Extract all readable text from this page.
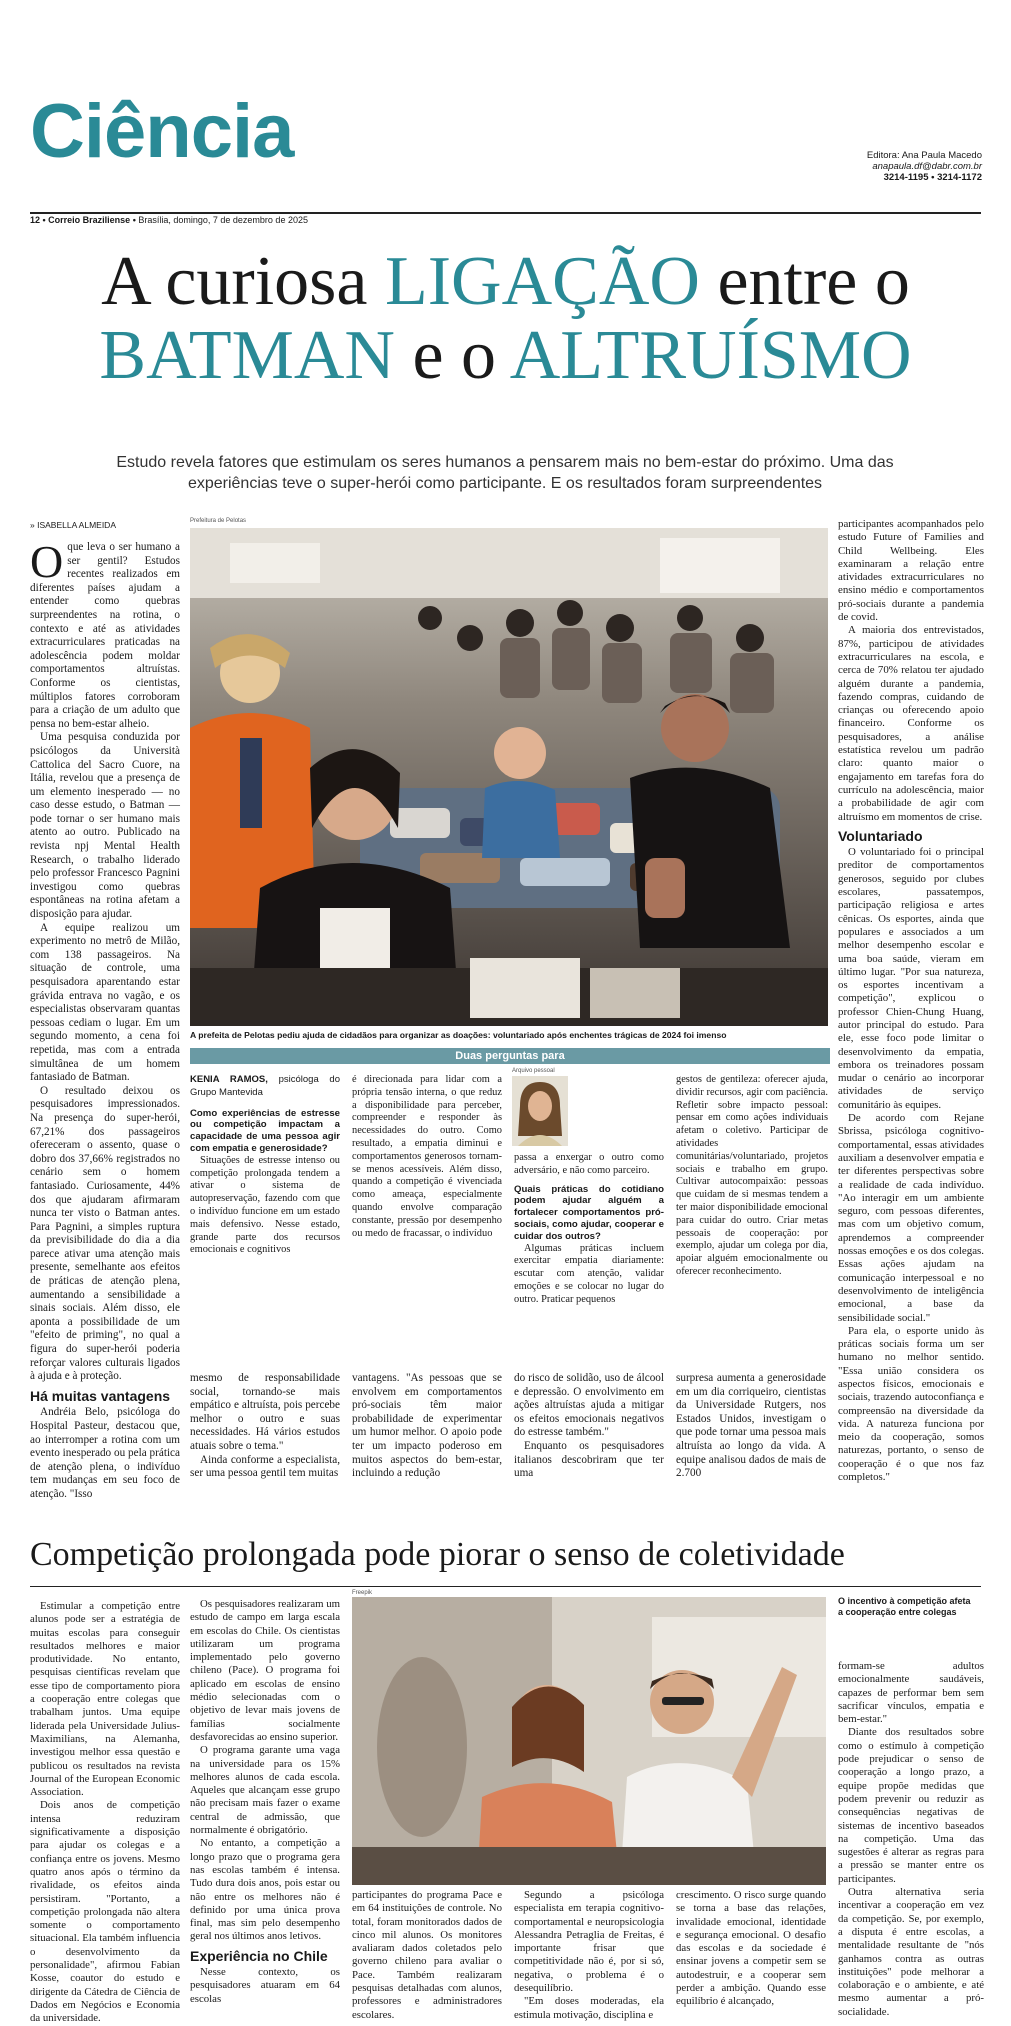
Ciência	Editora: Ana Paula Macedo
anapaula.df@dabr.com.br
3214-1195 • 3214-1172
12 • Correio Braziliense • Brasília, domingo, 7 de dezembro de 2025
A curiosa LIGAÇÃO entre o
BATMAN e o ALTRUÍSMO
Estudo revela fatores que estimulam os seres humanos a pensarem mais no bem-estar do próximo. Uma das experiências teve o super-herói como participante. E os resultados foram surpreendentes
» ISABELLA ALMEIDA	Prefeitura de Pelotas
A prefeita de Pelotas pediu ajuda de cidadãos para organizar as doações: voluntariado após enchentes trágicas de 2024 foi imenso

Oque leva o ser humano a ser gentil? Estudos recentes realizados em diferentes países ajudam a entender como quebras surpreendentes na rotina, o contexto e até as atividades extracurriculares praticadas na adolescência podem moldar comportamentos altruístas. Conforme os cientistas, múltiplos fatores corroboram para a criação de um adulto que pensa no bem-estar alheio.

Uma pesquisa conduzida por psicólogos da Università Cattolica del Sacro Cuore, na Itália, revelou que a presença de um elemento inesperado — no caso desse estudo, o Batman — pode tornar o ser humano mais atento ao outro. Publicado na revista npj Mental Health Research, o trabalho liderado pelo professor Francesco Pagnini investigou como quebras espontâneas na rotina afetam a disposição para ajudar.

A equipe realizou um experimento no metrô de Milão, com 138 passageiros. Na situação de controle, uma pesquisadora aparentando estar grávida entrava no vagão, e os especialistas observaram quantas pessoas cediam o lugar. Em um segundo momento, a cena foi repetida, mas com a entrada simultânea de um homem fantasiado de Batman.

O resultado deixou os pesquisadores impressionados. Na presença do super-herói, 67,21% dos passageiros ofereceram o assento, quase o dobro dos 37,66% registrados no cenário sem o homem fantasiado. Curiosamente, 44% dos que ajudaram afirmaram nunca ter visto o Batman antes. Para Pagnini, a simples ruptura da previsibilidade do dia a dia parece ativar uma atenção mais presente, semelhante aos efeitos de práticas de atenção plena, aumentando a sensibilidade a sinais sociais. Além disso, ele aponta a possibilidade de um "efeito de priming", no qual a figura do super-herói poderia reforçar valores culturais ligados à ajuda e à proteção.

Há muitas vantagens

Andréia Belo, psicóloga do Hospital Pasteur, destacou que, ao interromper a rotina com um evento inesperado ou pela prática de atenção plena, o indivíduo tem mudanças em seu foco de atenção. "Isso

mesmo de responsabilidade social, tornando-se mais empático e altruísta, pois percebe melhor o outro e suas necessidades. Há vários estudos atuais sobre o tema."

Ainda conforme a especialista, ser uma pessoa gentil tem muitas

vantagens. "As pessoas que se envolvem em comportamentos pró-sociais têm maior probabilidade de experimentar um humor melhor. O apoio pode ter um impacto poderoso em muitos aspectos do bem-estar, incluindo a redução

do risco de solidão, uso de álcool e depressão. O envolvimento em ações altruístas ajuda a mitigar os efeitos emocionais negativos do estresse também."

Enquanto os pesquisadores italianos descobriram que ter uma

surpresa aumenta a generosidade em um dia corriqueiro, cientistas da Universidade Rutgers, nos Estados Unidos, investigam o que pode tornar uma pessoa mais altruísta ao longo da vida. A equipe analisou dados de mais de 2.700

participantes acompanhados pelo estudo Future of Families and Child Wellbeing. Eles examinaram a relação entre atividades extracurriculares no ensino médio e comportamentos pró-sociais durante a pandemia de covid.

A maioria dos entrevistados, 87%, participou de atividades extracurriculares na escola, e cerca de 70% relatou ter ajudado alguém durante a pandemia, fazendo compras, cuidando de crianças ou oferecendo apoio financeiro. Conforme os pesquisadores, a análise estatística revelou um padrão claro: quanto maior o engajamento em tarefas fora do currículo na adolescência, maior a probabilidade de agir com altruísmo em momentos de crise.

Voluntariado

O voluntariado foi o principal preditor de comportamentos generosos, seguido por clubes escolares, passatempos, participação religiosa e artes cênicas. Os esportes, ainda que populares e associados a um melhor desempenho escolar e uma boa saúde, vieram em último lugar. "Por sua natureza, os esportes incentivam a competição", explicou o professor Chien-Chung Huang, autor principal do estudo. Para ele, esse foco pode limitar o desenvolvimento da empatia, embora os treinadores possam mudar o cenário ao incorporar atividades de serviço comunitário às equipes.

De acordo com Rejane Sbrissa, psicóloga cognitivo-comportamental, essas atividades auxiliam a desenvolver empatia e ter diferentes perspectivas sobre a realidade de cada indivíduo. "Ao interagir em um ambiente seguro, com pessoas diferentes, mas com um objetivo comum, aprendemos a compreender nossas emoções e os dos colegas. Essas ações ajudam na comunicação interpessoal e no desenvolvimento de inteligência emocional, a base da sensibilidade social."

Para ela, o esporte unido às práticas sociais forma um ser humano no melhor sentido. "Essa união considera os aspectos físicos, emocionais e sociais, trazendo autoconfiança e compreensão na diversidade da vida. A natureza funciona por meio da cooperação, somos naturezas, portanto, o senso de cooperação é o que nos faz completos."

Duas perguntas para
Arquivo pessoal

KENIA RAMOS, psicóloga do Grupo Mantevida

Como experiências de estresse ou competição impactam a capacidade de uma pessoa agir com empatia e generosidade?

Situações de estresse intenso ou competição prolongada tendem a ativar o sistema de autopreservação, fazendo com que o indivíduo funcione em um estado mais defensivo. Nesse estado, grande parte dos recursos emocionais e cognitivos

é direcionada para lidar com a própria tensão interna, o que reduz a disponibilidade para perceber, compreender e responder às necessidades do outro. Como resultado, a empatia diminui e comportamentos generosos tornam-se menos acessíveis. Além disso, quando a competição é vivenciada como ameaça, especialmente quando envolve comparação constante, pressão por desempenho ou medo de fracassar, o indivíduo

passa a enxergar o outro como adversário, e não como parceiro.

Quais práticas do cotidiano podem ajudar alguém a fortalecer comportamentos pró-sociais, como ajudar, cooperar e cuidar dos outros?

Algumas práticas incluem exercitar empatia diariamente: escutar com atenção, validar emoções e se colocar no lugar do outro. Praticar pequenos

gestos de gentileza: oferecer ajuda, dividir recursos, agir com paciência. Refletir sobre impacto pessoal: pensar em como ações individuais afetam o coletivo. Participar de atividades comunitárias/voluntariado, projetos sociais e trabalho em grupo. Cultivar autocompaixão: pessoas que cuidam de si mesmas tendem a ter maior disponibilidade emocional para cuidar do outro. Criar metas pessoais de cooperação: por exemplo, ajudar um colega por dia, apoiar alguém emocionalmente ou oferecer reconhecimento.

Competição prolongada pode piorar o senso de coletividade

Estimular a competição entre alunos pode ser a estratégia de muitas escolas para conseguir resultados melhores e maior produtividade. No entanto, pesquisas científicas revelam que esse tipo de comportamento piora a cooperação entre colegas que trabalham juntos. Uma equipe liderada pela Universidade Julius-Maximilians, na Alemanha, investigou melhor essa questão e publicou os resultados na revista Journal of the European Economic Association.

Dois anos de competição intensa reduziram significativamente a disposição para ajudar os colegas e a confiança entre os jovens. Mesmo quatro anos após o término da rivalidade, os efeitos ainda persistiram. "Portanto, a competição prolongada não altera somente o comportamento situacional. Ela também influencia o desenvolvimento da personalidade", afirmou Fabian Kosse, coautor do estudo e dirigente da Cátedra de Ciência de Dados em Negócios e Economia da universidade.

Os pesquisadores realizaram um estudo de campo em larga escala em escolas do Chile. Os cientistas utilizaram um programa implementado pelo governo chileno (Pace). O programa foi aplicado em escolas de ensino médio selecionadas com o objetivo de levar mais jovens de famílias socialmente desfavorecidas ao ensino superior.

O programa garante uma vaga na universidade para os 15% melhores alunos de cada escola. Aqueles que alcançam esse grupo não precisam mais fazer o exame central de admissão, que normalmente é obrigatório.

No entanto, a competição a longo prazo que o programa gera nas escolas também é intensa. Tudo dura dois anos, pois estar ou não entre os melhores não é definido por uma única prova final, mas sim pelo desempenho geral nos últimos anos letivos.

Experiência no Chile

Nesse contexto, os pesquisadores atuaram em 64 escolas

Freepik
O incentivo à competição afeta a cooperação entre colegas

participantes do programa Pace e em 64 instituições de controle. No total, foram monitorados dados de cinco mil alunos. Os monitores avaliaram dados coletados pelo governo chileno para avaliar o Pace. Também realizaram pesquisas detalhadas com alunos, professores e administradores escolares.

Segundo a psicóloga especialista em terapia cognitivo-comportamental e neuropsicologia Alessandra Petraglia de Freitas, é importante frisar que competitividade não é, por si só, negativa, o problema é o desequilíbrio.

"Em doses moderadas, ela estimula motivação, disciplina e

crescimento. O risco surge quando se torna a base das relações, invalidade emocional, identidade e segurança emocional. O desafio das escolas e da sociedade é ensinar jovens a competir sem se autodestruir, e a cooperar sem perder a ambição. Quando esse equilíbrio é alcançado,

formam-se adultos emocionalmente saudáveis, capazes de performar bem sem sacrificar vínculos, empatia e bem-estar."

Diante dos resultados sobre como o estímulo à competição pode prejudicar o senso de cooperação a longo prazo, a equipe propõe medidas que podem prevenir ou reduzir as consequências negativas de sistemas de incentivo baseados na competição. Uma das sugestões é alterar as regras para a pressão se manter entre os participantes.

Outra alternativa seria incentivar a cooperação em vez da competição. Se, por exemplo, a disputa é entre escolas, a mentalidade resultante de "nós ganhamos contra as outras instituições" pode melhorar a colaboração e o ambiente, e até mesmo aumentar a pró-socialidade.
